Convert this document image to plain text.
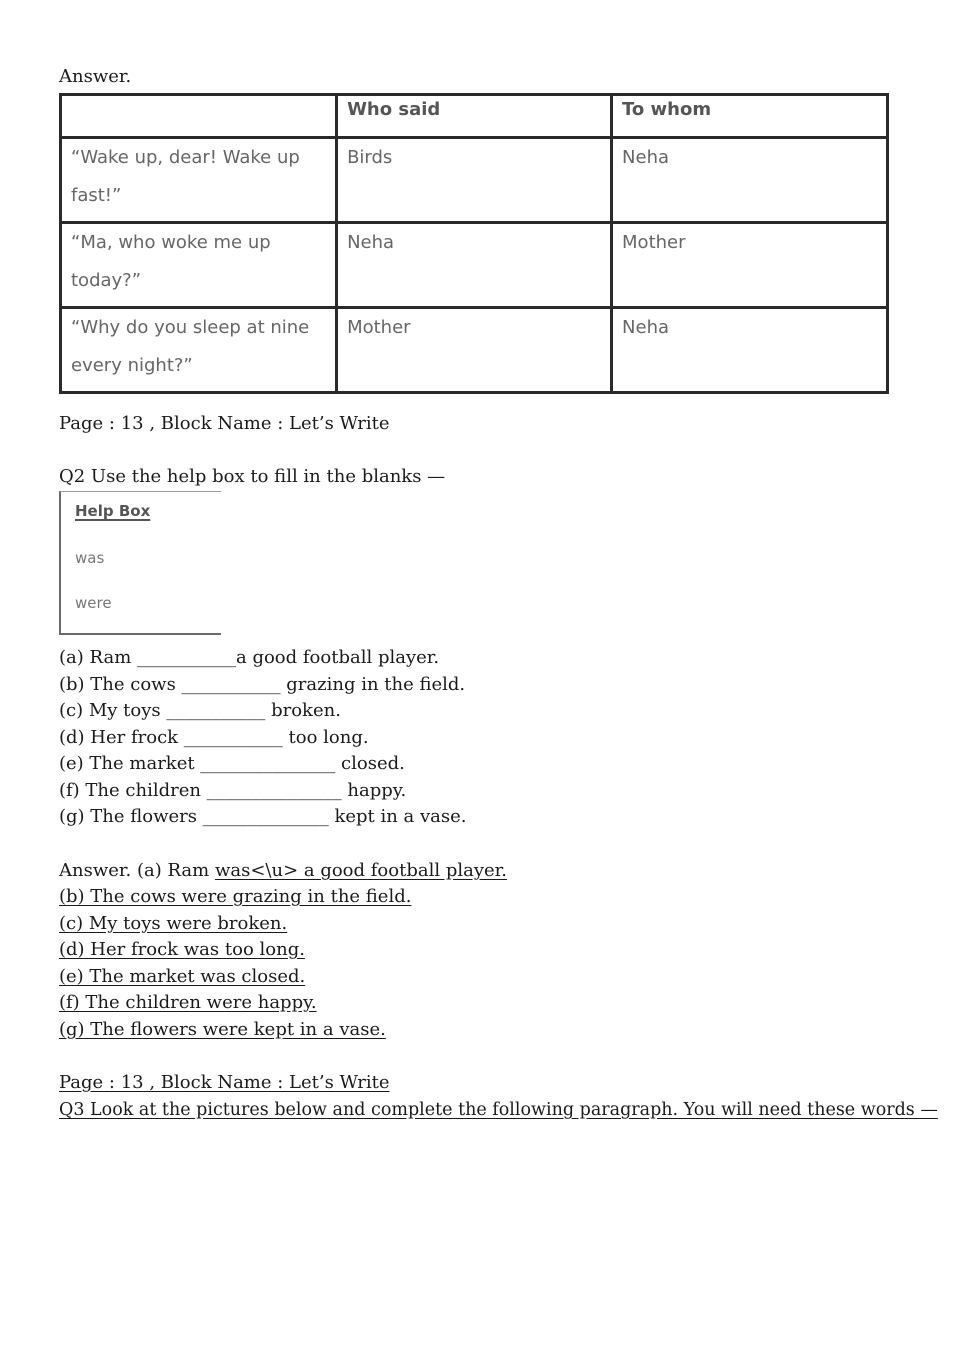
Answer.
	Who said	To whom
“Wake up, dear! Wake up
fast!”	Birds	Neha
“Ma, who woke me up
today?”	Neha	Mother
“Why do you sleep at nine
every night?”	Mother	Neha
Page : 13 , Block Name : Let’s Write
Q2 Use the help box to fill in the blanks —
Help Box
was
were
(a) Ram ___________a good football player.
(b) The cows ___________ grazing in the field.
(c) My toys ___________ broken.
(d) Her frock ___________ too long.
(e) The market _______________ closed.
(f) The children _______________ happy.
(g) The flowers ______________ kept in a vase.
Answer. (a) Ram was<\u> a good football player.
(b) The cows were grazing in the field.
(c) My toys were broken.
(d) Her frock was too long.
(e) The market was closed.
(f) The children were happy.
(g) The flowers were kept in a vase.
Page : 13 , Block Name : Let’s Write
Q3 Look at the pictures below and complete the following paragraph. You will need these words —
